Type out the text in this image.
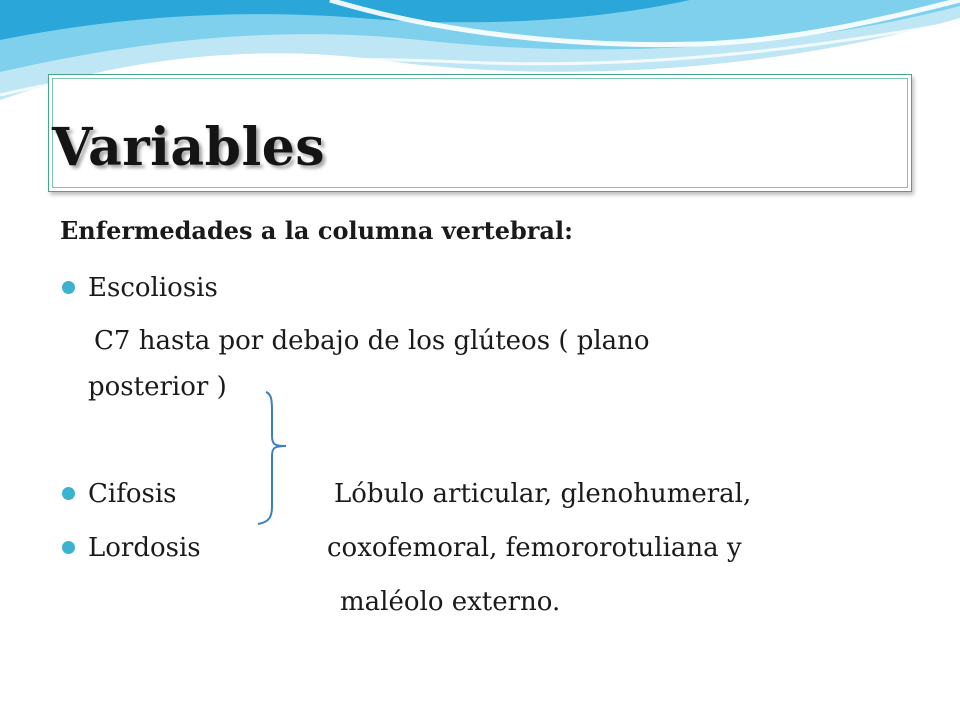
Variables

Enfermedades a la columna vertebral:

Escoliosis

C7 hasta por debajo de los glúteos ( plano

posterior )

Cifosis	Lóbulo articular, glenohumeral,

Lordosis	coxofemoral, femororotuliana y

maléolo externo.
